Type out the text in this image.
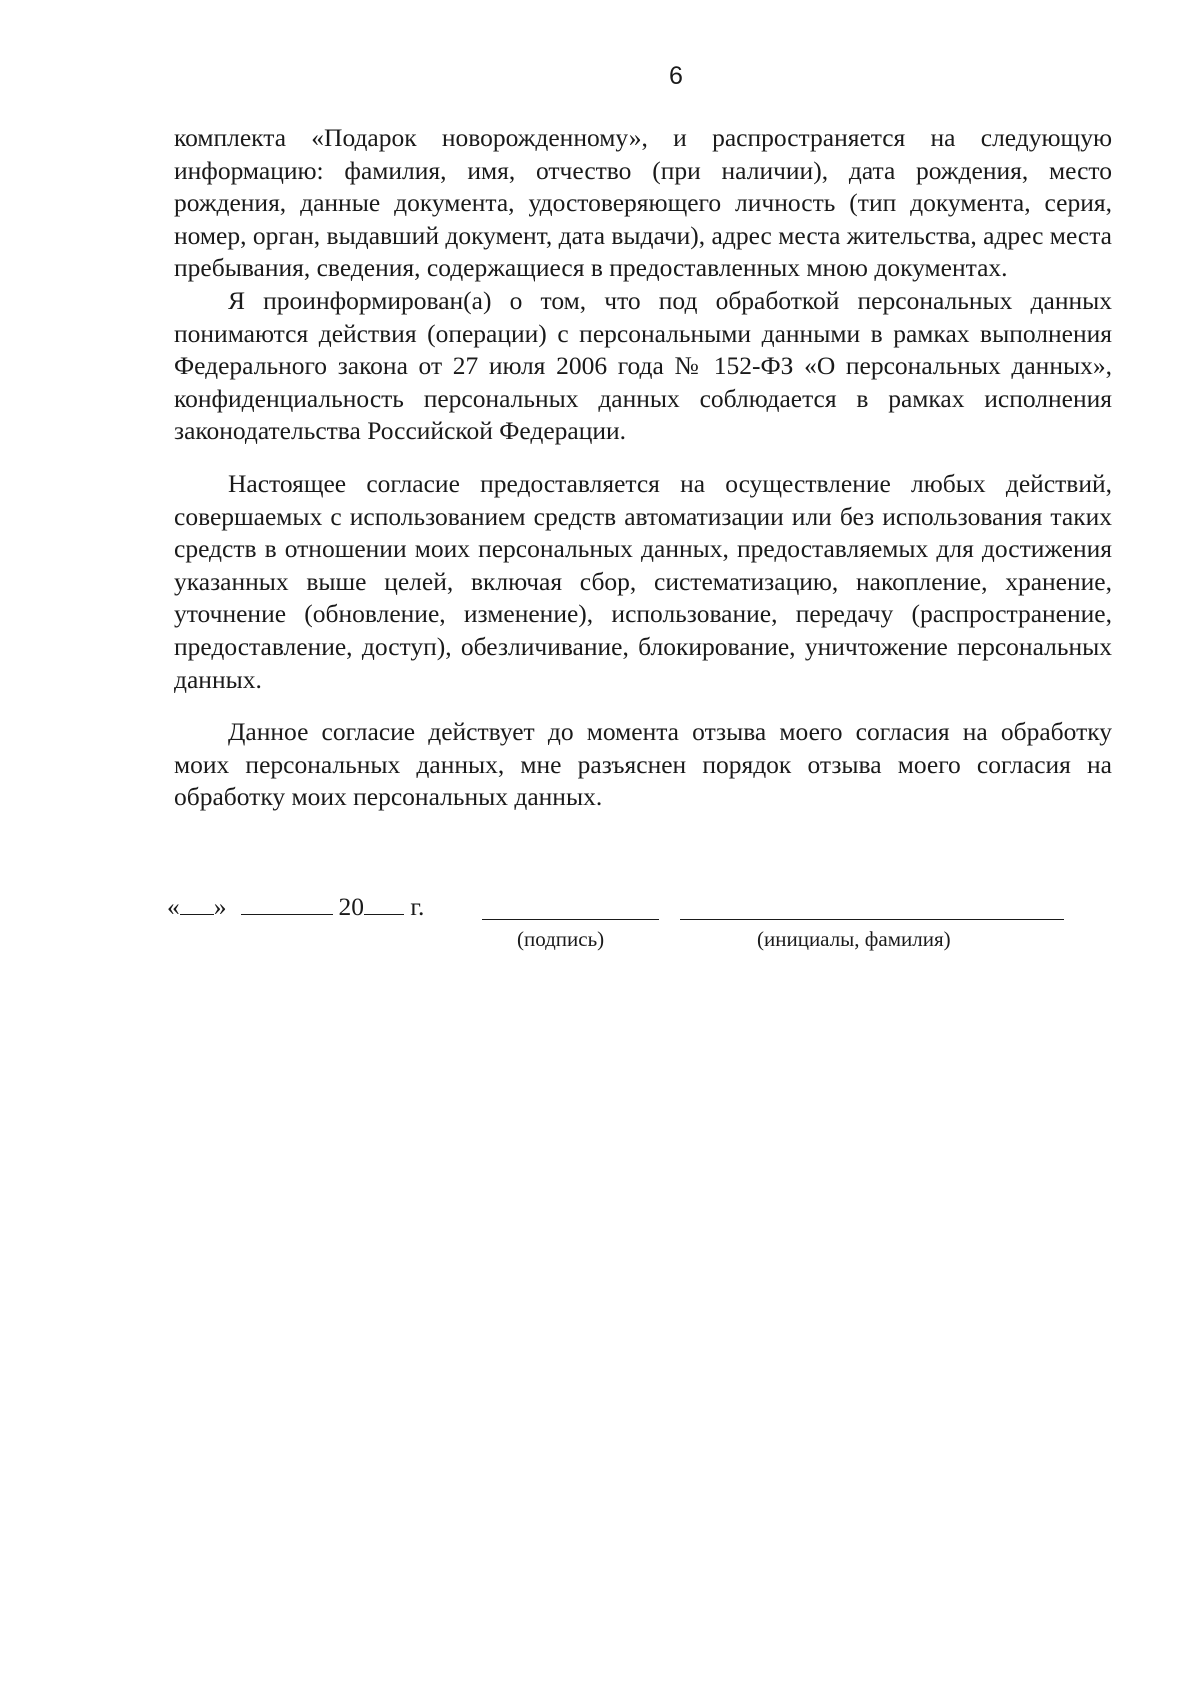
6

комплекта «Подарок новорожденному», и распространяется на следующую информацию: фамилия, имя, отчество (при наличии), дата рождения, место рождения, данные документа, удостоверяющего личность (тип документа, серия, номер, орган, выдавший документ, дата выдачи), адрес места жительства, адрес места пребывания, сведения, содержащиеся в предоставленных мною документах.

Я проинформирован(а) о том, что под обработкой персональных данных понимаются действия (операции) с персональными данными в рамках выполнения Федерального закона от 27 июля 2006 года № 152-ФЗ «О персональных данных», конфиденциальность персональных данных соблюдается в рамках исполнения законодательства Российской Федерации.

Настоящее согласие предоставляется на осуществление любых действий, совершаемых с использованием средств автоматизации или без использования таких средств в отношении моих персональных данных, предоставляемых для достижения указанных выше целей, включая сбор, систематизацию, накопление, хранение, уточнение (обновление, изменение), использование, передачу (распространение, предоставление, доступ), обезличивание, блокирование, уничтожение персональных данных.

Данное согласие действует до момента отзыва моего согласия на обработку моих персональных данных, мне разъяснен порядок отзыва моего согласия на обработку моих персональных данных.

« »	20 г.
(подпись)	(инициалы, фамилия)
